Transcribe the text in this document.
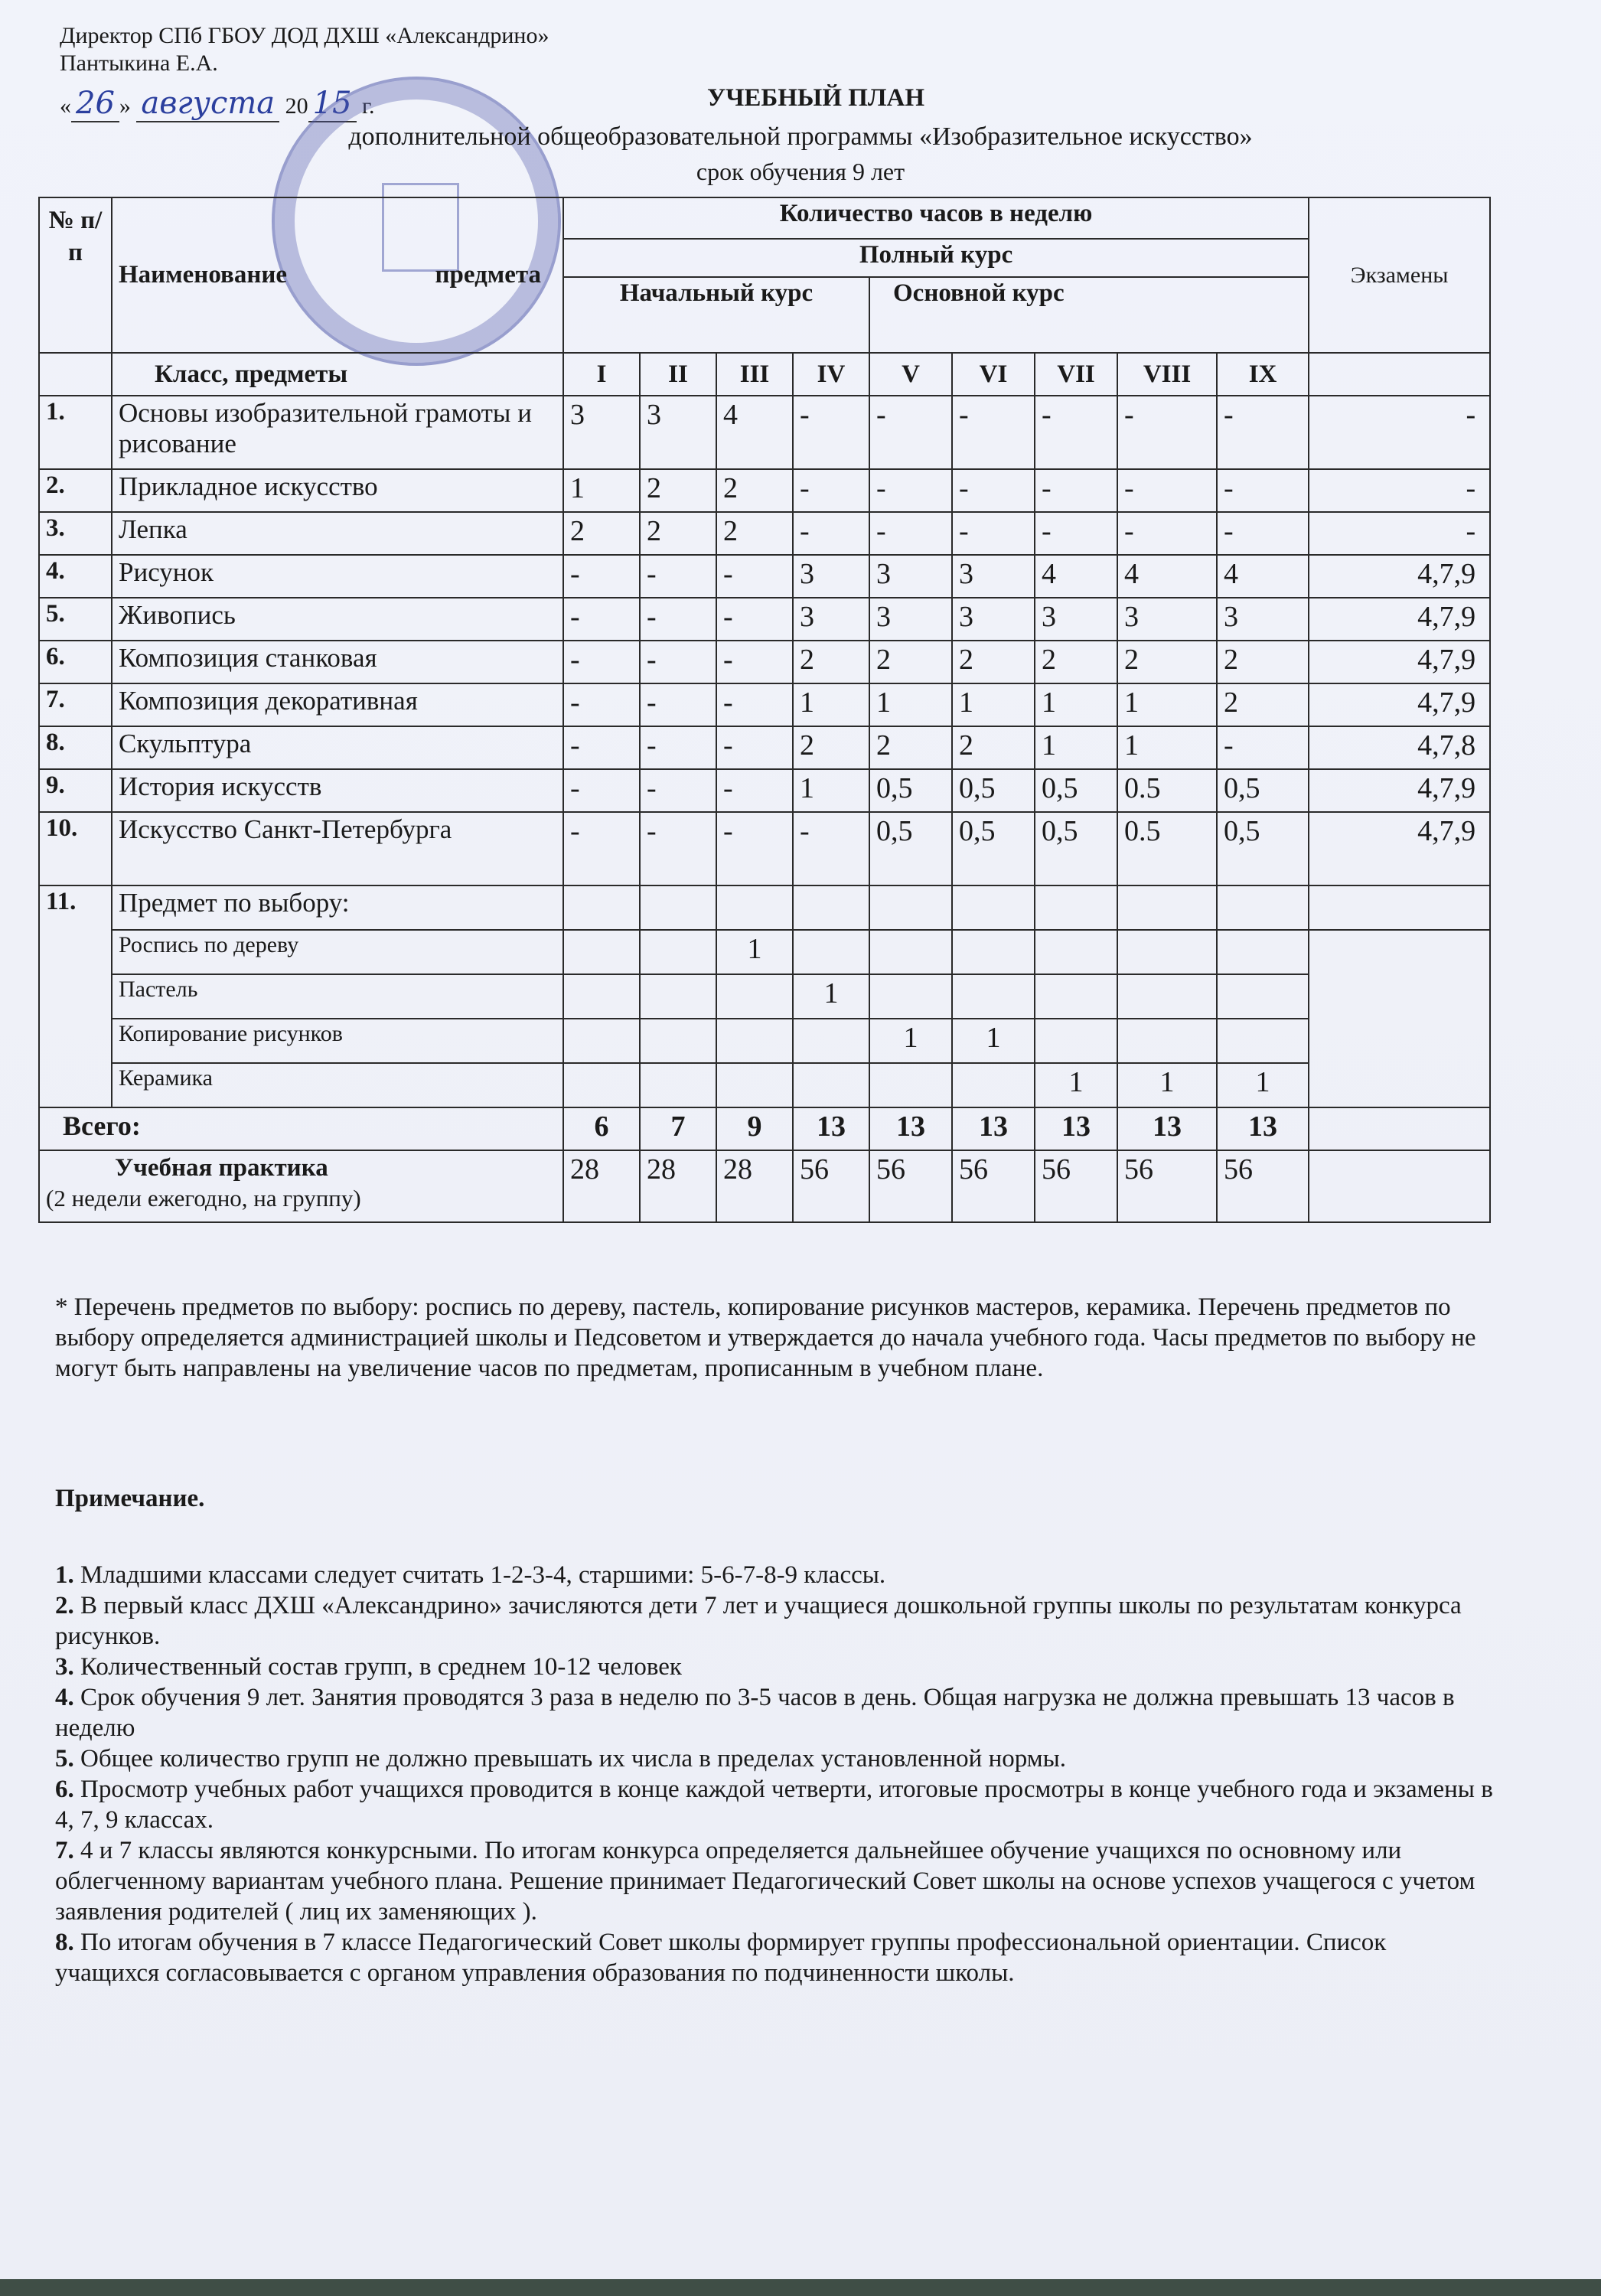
Директор СПб ГБОУ ДОД ДХШ «Александрино»
Пантыкина Е.А.
« 26 » августа 20 15 г.	УЧЕБНЫЙ ПЛАН
дополнительной общеобразовательной программы «Изобразительное искусство»
срок обучения 9 лет
№ п/ п	Наименование предмета	Количество часов в неделю									Экзамены
		Полный курс									
		Начальный курс				Основной курс					
	Класс, предметы	I	II	III	IV	V	VI	VII	VIII	IX	
1.	Основы изобразительной грамоты и рисование	3	3	4	-	-	-	-	-	-	-
2.	Прикладное искусство	1	2	2	-	-	-	-	-	-	-
3.	Лепка	2	2	2	-	-	-	-	-	-	-
4.	Рисунок	-	-	-	3	3	3	4	4	4	4,7,9
5.	Живопись	-	-	-	3	3	3	3	3	3	4,7,9
6.	Композиция станковая	-	-	-	2	2	2	2	2	2	4,7,9
7.	Композиция декоративная	-	-	-	1	1	1	1	1	2	4,7,9
8.	Скульптура	-	-	-	2	2	2	1	1	-	4,7,8
9.	История искусств	-	-	-	1	0,5	0,5	0,5	0.5	0,5	4,7,9
10.	Искусство Санкт-Петербурга	-	-	-	-	0,5	0,5	0,5	0.5	0,5	4,7,9
11.	Предмет по выбору:										
	Роспись по дереву			1							
	Пастель				1						
	Копирование рисунков					1	1				
	Керамика							1	1	1	
Всего:		6	7	9	13	13	13	13	13	13	

Учебная практика
(2 недели ежегодно, на группу)		28	28	28	56	56	56	56	56	56	
* Перечень предметов по выбору: роспись по дереву, пастель, копирование рисунков мастеров, керамика. Перечень предметов по выбору определяется администрацией школы и Педсоветом и утверждается до начала учебного года. Часы предметов по выбору не могут быть направлены на увеличение часов по предметам, прописанным в учебном плане.
Примечание.
1. Младшими классами следует считать 1-2-3-4, старшими: 5-6-7-8-9 классы.
2. В первый класс ДХШ «Александрино» зачисляются дети 7 лет и учащиеся дошкольной группы школы по результатам конкурса рисунков.
3. Количественный состав групп, в среднем 10-12 человек
4. Срок обучения 9 лет. Занятия проводятся 3 раза в неделю по 3-5 часов в день. Общая нагрузка не должна превышать 13 часов в неделю
5. Общее количество групп не должно превышать их числа в пределах установленной нормы.
6. Просмотр учебных работ учащихся проводится в конце каждой четверти, итоговые просмотры в конце учебного года и экзамены в 4, 7, 9 классах.
7. 4 и 7 классы являются конкурсными. По итогам конкурса определяется дальнейшее обучение учащихся по основному или облегченному вариантам учебного плана. Решение принимает Педагогический Совет школы на основе успехов учащегося с учетом заявления родителей ( лиц их заменяющих ).
8. По итогам обучения в 7 классе Педагогический Совет школы формирует группы профессиональной ориентации. Список учащихся согласовывается с органом управления образования по подчиненности школы.
